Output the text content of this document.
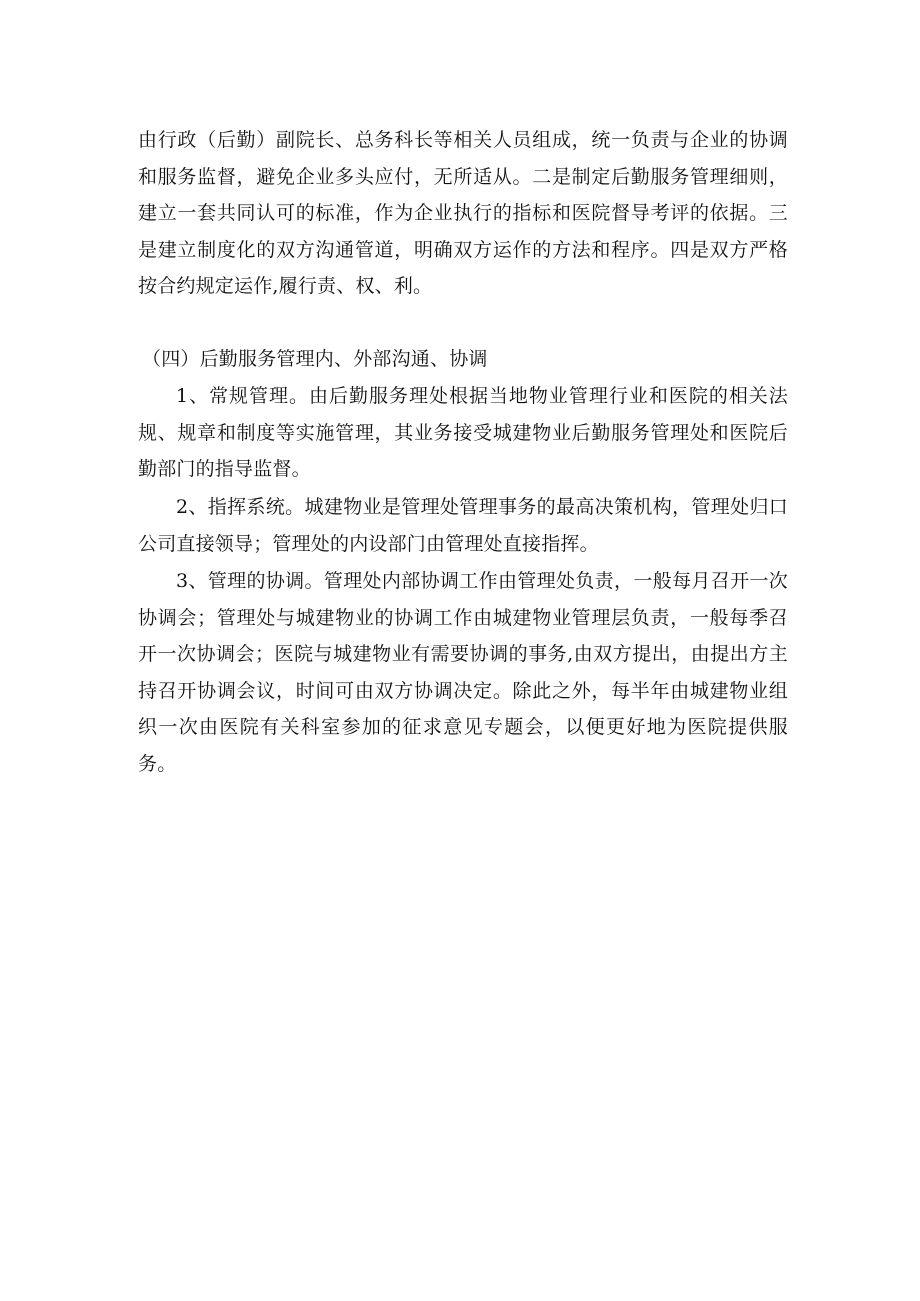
由行政（后勤）副院长、总务科长等相关人员组成，统一负责与企业的协调和服务监督，避免企业多头应付，无所适从。二是制定后勤服务管理细则，建立一套共同认可的标准，作为企业执行的指标和医院督导考评的依据。三是建立制度化的双方沟通管道，明确双方运作的方法和程序。四是双方严格按合约规定运作,履行责、权、利。

（四）后勤服务管理内、外部沟通、协调

1、常规管理。由后勤服务理处根据当地物业管理行业和医院的相关法规、规章和制度等实施管理，其业务接受城建物业后勤服务管理处和医院后勤部门的指导监督。

2、指挥系统。城建物业是管理处管理事务的最高决策机构，管理处归口公司直接领导；管理处的内设部门由管理处直接指挥。

3、管理的协调。管理处内部协调工作由管理处负责，一般每月召开一次协调会；管理处与城建物业的协调工作由城建物业管理层负责，一般每季召开一次协调会；医院与城建物业有需要协调的事务,由双方提出，由提出方主持召开协调会议，时间可由双方协调决定。除此之外，每半年由城建物业组织一次由医院有关科室参加的征求意见专题会，以便更好地为医院提供服务。
